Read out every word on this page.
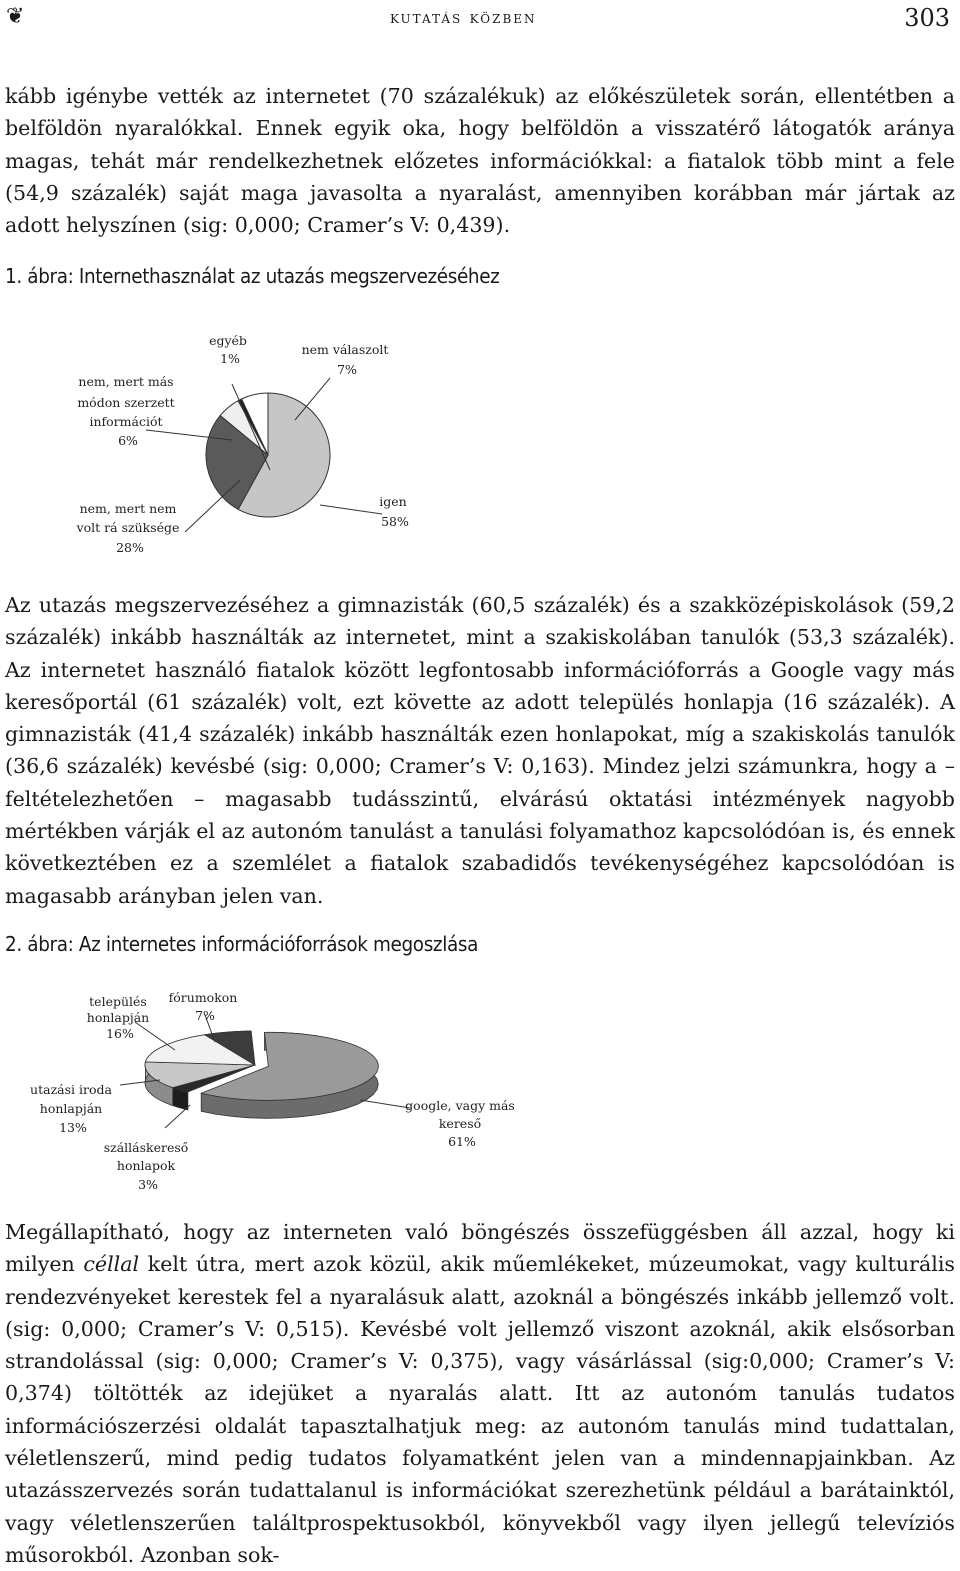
❦	kutatás közben	303

kább igénybe vették az internetet (70 százalékuk) az előkészületek során, ellentétben a belföldön nyaralókkal. Ennek egyik oka, hogy belföldön a visszatérő látogatók aránya magas, tehát már rendelkezhetnek előzetes információkkal: a fiatalok több mint a fele (54,9 százalék) saját maga javasolta a nyaralást, amennyiben korábban már jártak az adott helyszínen (sig: 0,000; Cramer’s V: 0,439).

1. ábra: Internethasználat az utazás megszervezéséhez
egyéb 1%
nem válaszolt 7%
nem, mert más módon szerzett információt 6%
nem, mert nem volt rá szüksége 28%
igen 58%

Az utazás megszervezéséhez a gimnazisták (60,5 százalék) és a szakközépiskolások (59,2 százalék) inkább használták az internetet, mint a szakiskolában tanulók (53,3 százalék). Az internetet használó fiatalok között legfontosabb információforrás a Google vagy más keresőportál (61 százalék) volt, ezt követte az adott település honlapja (16 százalék). A gimnazisták (41,4 százalék) inkább használták ezen honlapokat, míg a szakiskolás tanulók (36,6 százalék) kevésbé (sig: 0,000; Cramer’s V: 0,163). Mindez jelzi számunkra, hogy a – feltételezhetően – magasabb tudásszintű, elvárású oktatási intézmények nagyobb mértékben várják el az autonóm tanulást a tanulási folyamathoz kapcsolódóan is, és ennek következtében ez a szemlélet a fiatalok szabadidős tevékenységéhez kapcsolódóan is magasabb arányban jelen van.

2. ábra: Az internetes információforrások megoszlása
település honlapján 16%
fórumokon 7%
utazási iroda honlapján 13%
szálláskereső honlapok 3%
google, vagy más kereső 61%

Megállapítható, hogy az interneten való böngészés összefüggésben áll azzal, hogy ki milyen céllal kelt útra, mert azok közül, akik műemlékeket, múzeumokat, vagy kulturális rendezvényeket kerestek fel a nyaralásuk alatt, azoknál a böngészés inkább jellemző volt. (sig: 0,000; Cramer’s V: 0,515). Kevésbé volt jellemző viszont azoknál, akik elsősorban strandolással (sig: 0,000; Cramer’s V: 0,375), vagy vásárlással (sig:0,000; Cramer’s V: 0,374) töltötték az idejüket a nyaralás alatt. Itt az autonóm tanulás tudatos információszerzési oldalát tapasztalhatjuk meg: az autonóm tanulás mind tudattalan, véletlenszerű, mind pedig tudatos folyamatként jelen van a mindennapjainkban. Az utazásszervezés során tudattalanul is információkat szerezhetünk például a barátainktól, vagy véletlenszerűen találtprospektusokból, könyvekből vagy ilyen jellegű televíziós műsorokból. Azonban sok-
